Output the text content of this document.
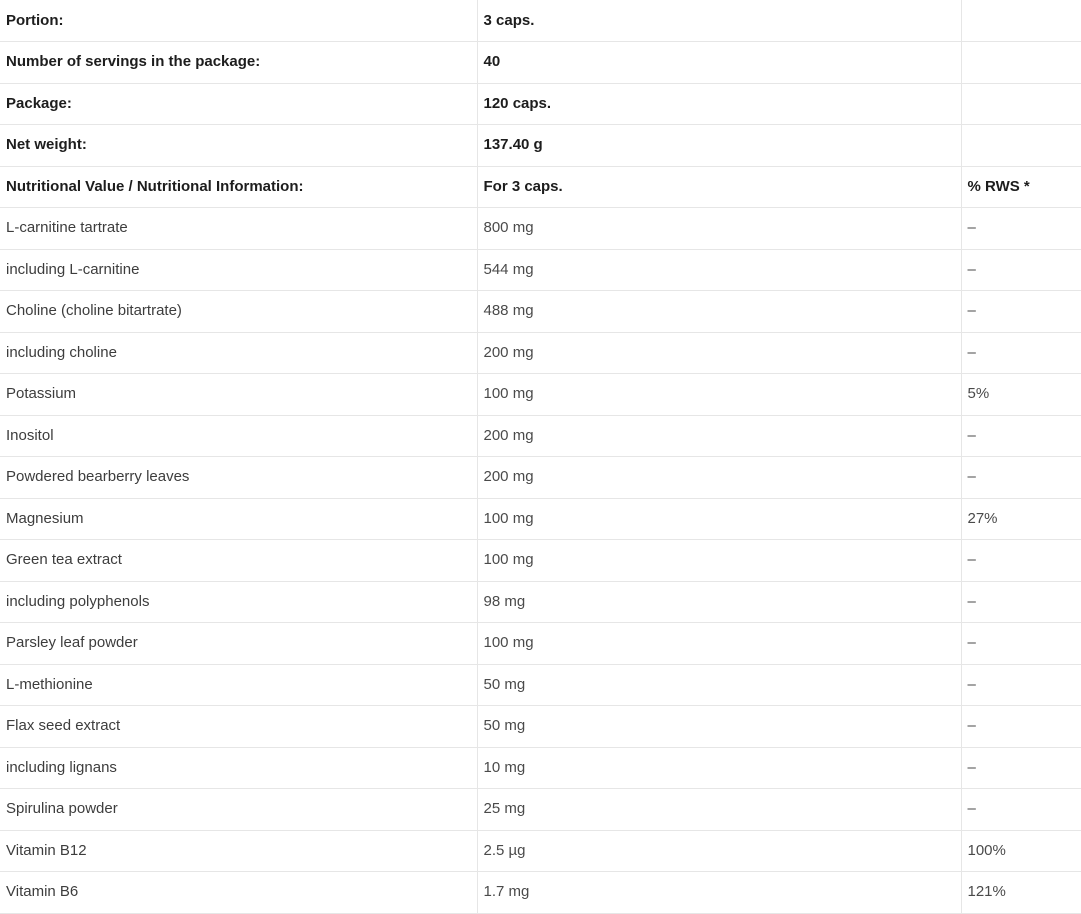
Portion:	3 caps.	
Number of servings in the package:	40	
Package:	120 caps.	
Net weight:	137.40 g	
Nutritional Value / Nutritional Information:	For 3 caps.	% RWS *
L-carnitine tartrate	800 mg	–
including L-carnitine	544 mg	–
Choline (choline bitartrate)	488 mg	–
including choline	200 mg	–
Potassium	100 mg	5%
Inositol	200 mg	–
Powdered bearberry leaves	200 mg	–
Magnesium	100 mg	27%
Green tea extract	100 mg	–
including polyphenols	98 mg	–
Parsley leaf powder	100 mg	–
L-methionine	50 mg	–
Flax seed extract	50 mg	–
including lignans	10 mg	–
Spirulina powder	25 mg	–
Vitamin B12	2.5 µg	100%
Vitamin B6	1.7 mg	121%
